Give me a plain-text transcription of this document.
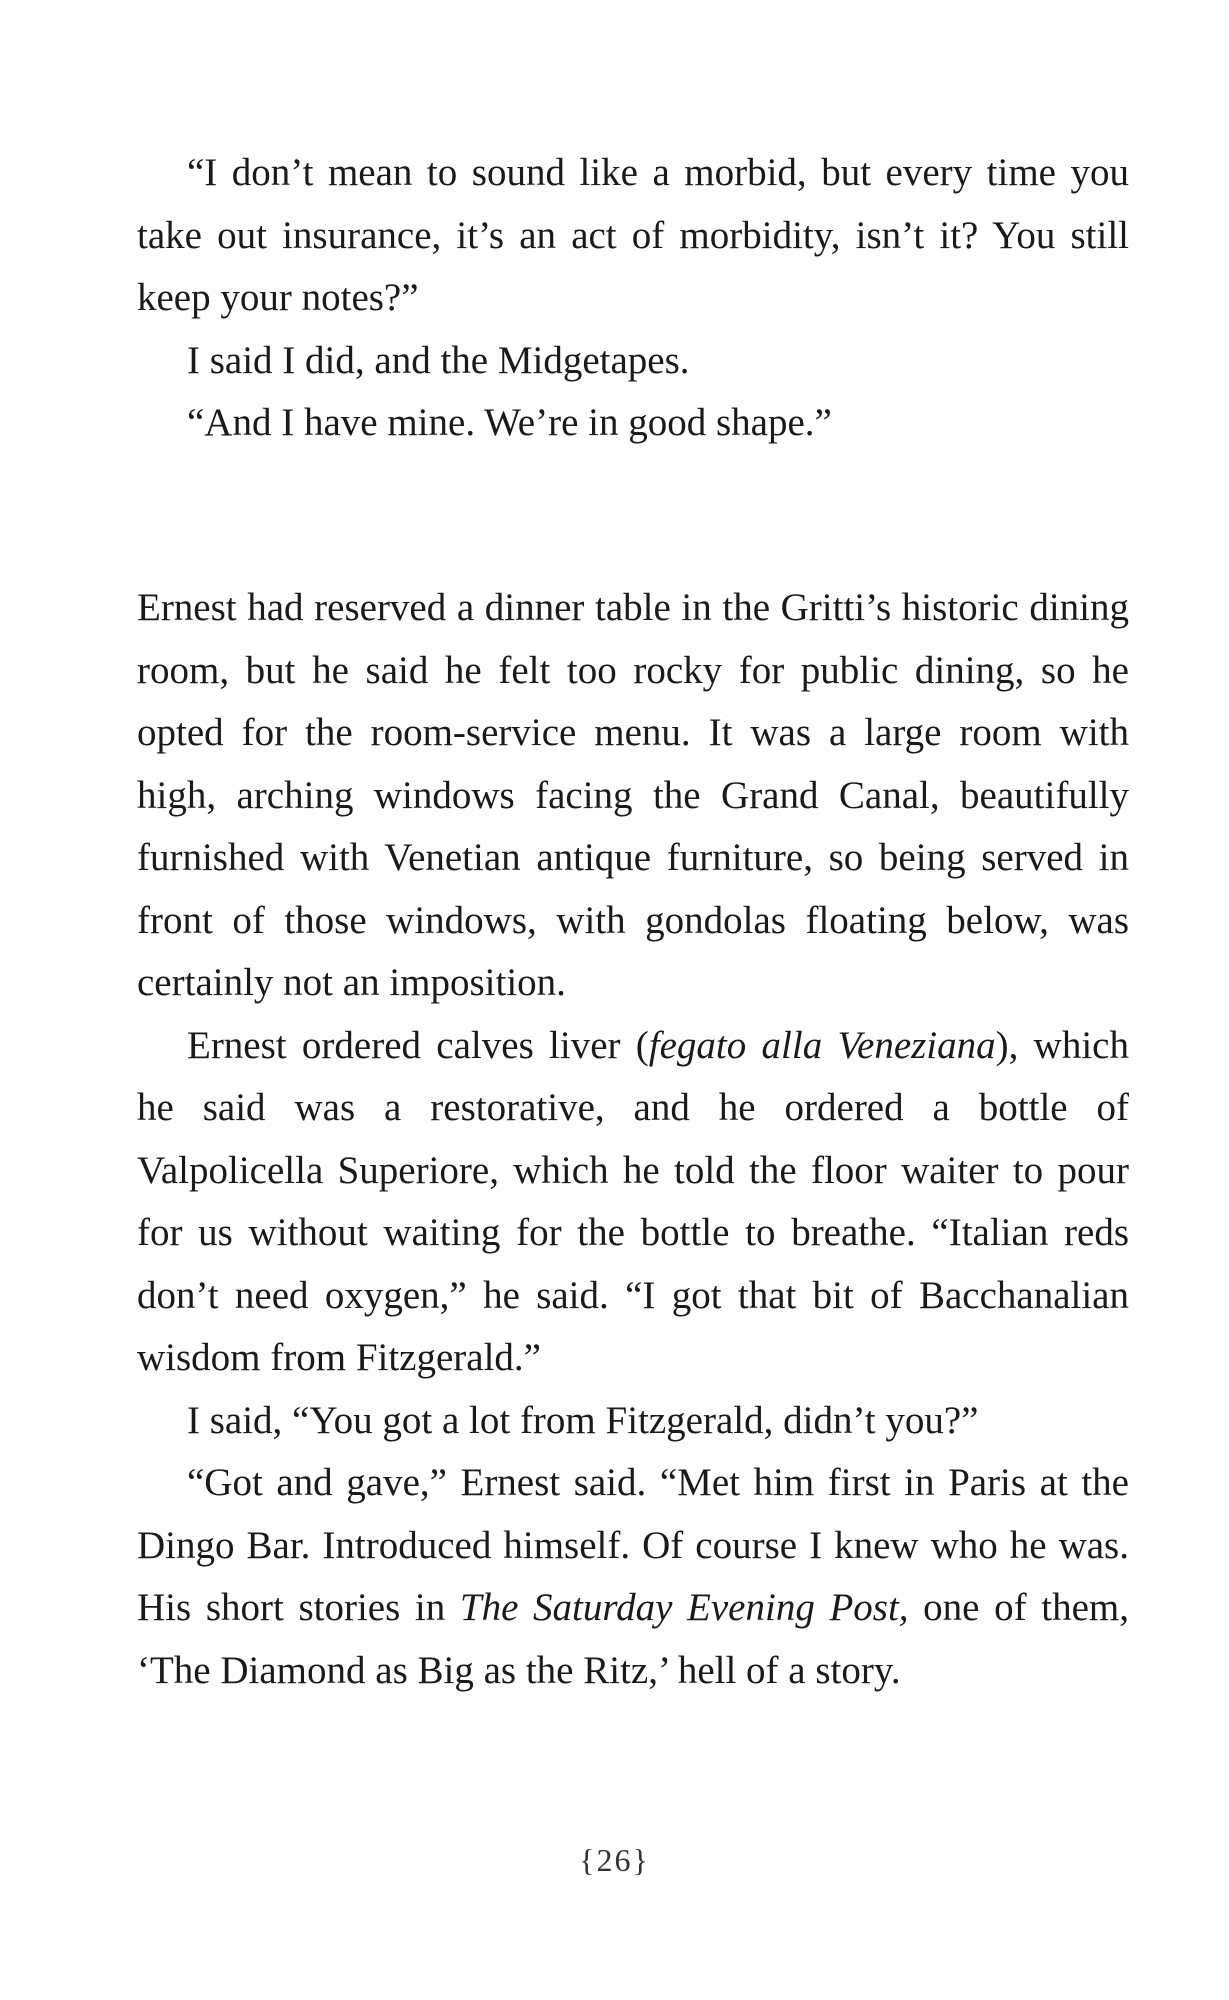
“I don’t mean to sound like a morbid, but every time you take out insurance, it’s an act of morbidity, isn’t it? You still keep your notes?”

I said I did, and the Midgetapes.

“And I have mine. We’re in good shape.”

Ernest had reserved a dinner table in the Gritti’s historic dining room, but he said he felt too rocky for public dining, so he opted for the room-service menu. It was a large room with high, arching windows facing the Grand Canal, beautifully furnished with Venetian antique furniture, so being served in front of those windows, with gondolas floating below, was certainly not an imposition.

Ernest ordered calves liver (fegato alla Veneziana), which he said was a restorative, and he ordered a bottle of Valpolicella Superiore, which he told the floor waiter to pour for us without waiting for the bottle to breathe. “Italian reds don’t need oxygen,” he said. “I got that bit of Bacchanalian wisdom from Fitzgerald.”

I said, “You got a lot from Fitzgerald, didn’t you?”

“Got and gave,” Ernest said. “Met him first in Paris at the Dingo Bar. Introduced himself. Of course I knew who he was. His short stories in The Saturday Evening Post, one of them, ‘The Diamond as Big as the Ritz,’ hell of a story.

{26}
